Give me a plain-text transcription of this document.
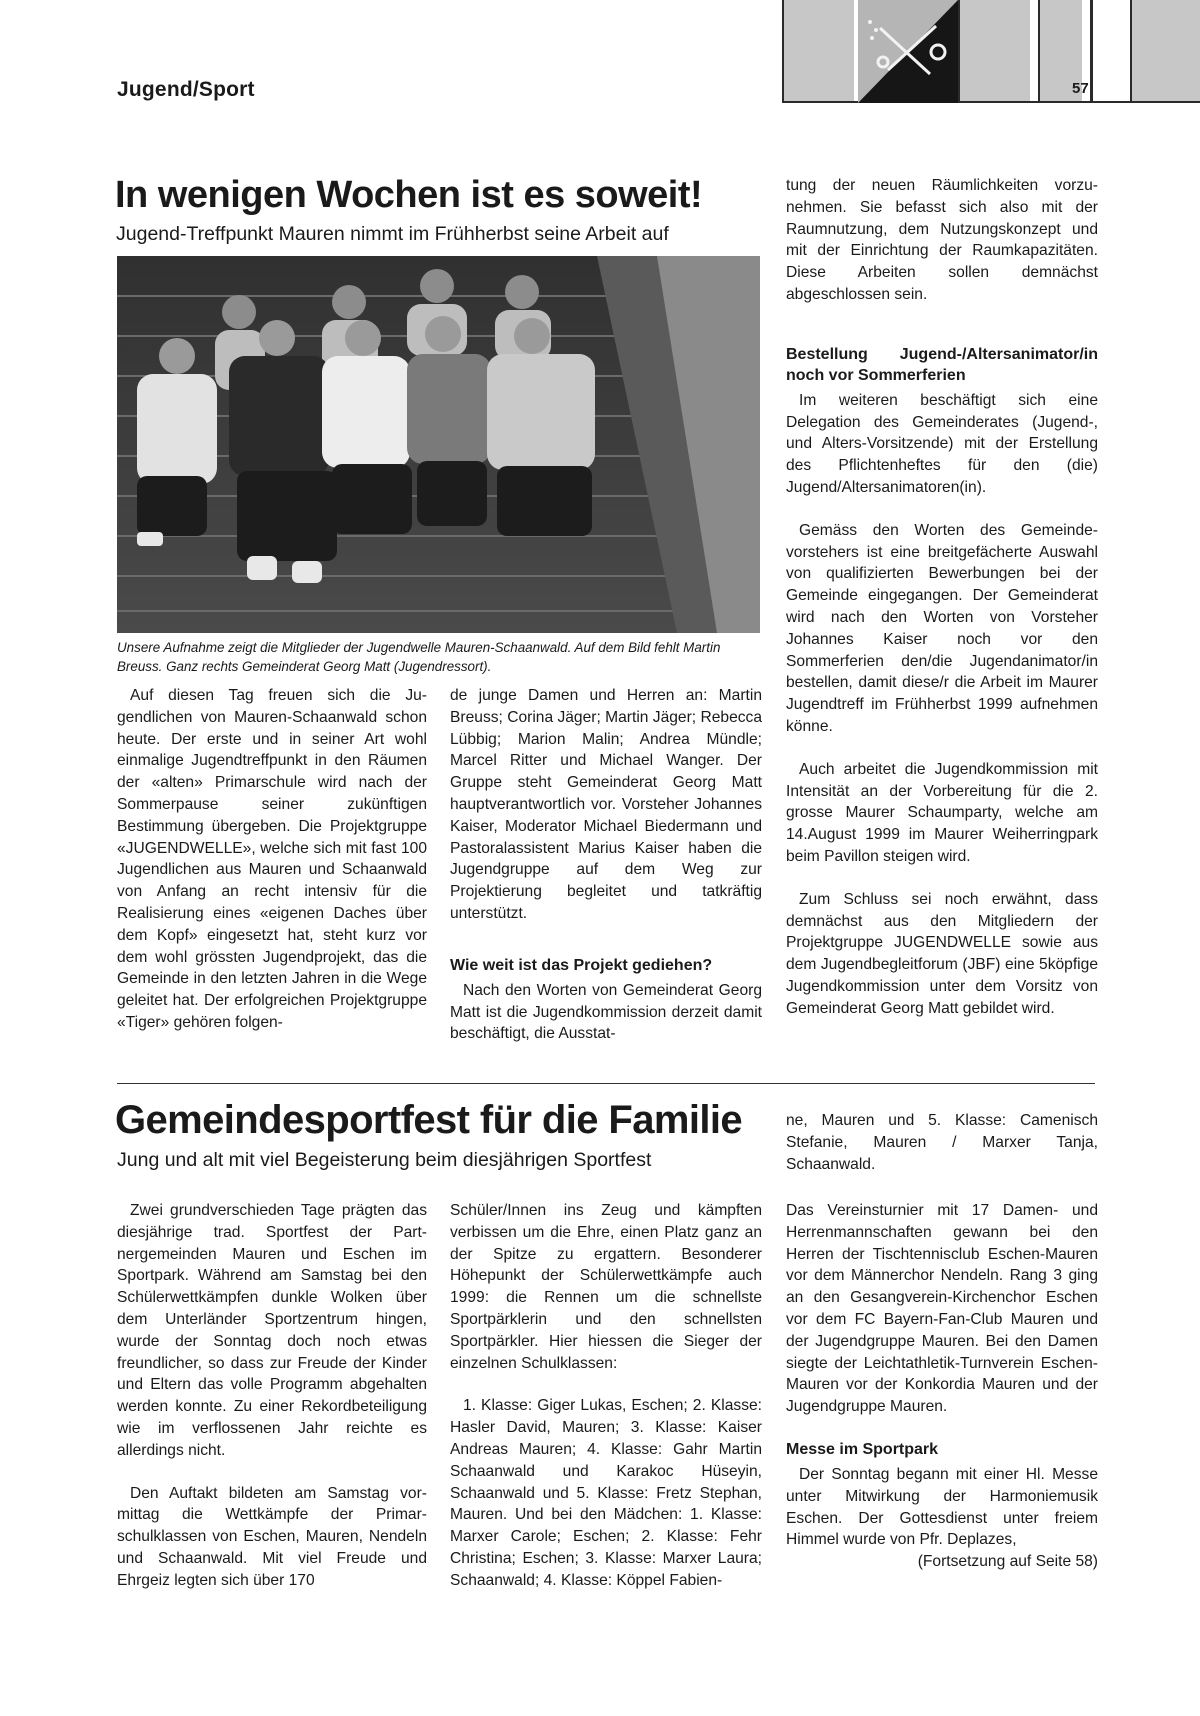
Jugend/Sport	57
In wenigen Wochen ist es soweit!
Jugend-Treffpunkt Mauren nimmt im Frühherbst seine Arbeit auf
Unsere Aufnahme zeigt die Mitglieder der Jugendwelle Mauren-Schaanwald. Auf dem Bild fehlt Martin Breuss. Ganz rechts Gemeinderat Georg Matt (Jugendressort).

Auf diesen Tag freuen sich die Jugendlichen von Mauren-Schaanwald schon heute. Der erste und in seiner Art wohl einmalige Jugendtreffpunkt in den Räumen der «alten» Primarschule wird nach der Sommerpause seiner zukünftigen Bestimmung übergeben. Die Projektgruppe «JUGENDWELLE», welche sich mit fast 100 Jugendlichen aus Mauren und Schaanwald von Anfang an recht intensiv für die Realisierung eines «eigenen Daches über dem Kopf» eingesetzt hat, steht kurz vor dem wohl grössten Jugendprojekt, das die Gemeinde in den letzten Jahren in die Wege geleitet hat. Der erfolgreichen Projektgruppe «Tiger» gehören folgen-

de junge Damen und Herren an: Martin Breuss; Corina Jäger; Martin Jäger; Rebecca Lübbig; Marion Malin; Andrea Mündle; Marcel Ritter und Michael Wanger. Der Gruppe steht Gemeinderat Georg Matt hauptverantwortlich vor. Vorsteher Johannes Kaiser, Moderator Michael Biedermann und Pastoralassistent Marius Kaiser haben die Jugendgruppe auf dem Weg zur Projektierung begleitet und tatkräftig unterstützt.

Wie weit ist das Projekt gediehen?

Nach den Worten von Gemeinderat Georg Matt ist die Jugendkommission derzeit damit beschäftigt, die Ausstat-

tung der neuen Räumlichkeiten vorzunehmen. Sie befasst sich also mit der Raumnutzung, dem Nutzungskonzept und mit der Einrichtung der Raumkapazitäten. Diese Arbeiten sollen demnächst abgeschlossen sein.

Bestellung Jugend-/Altersanimator/in noch vor Sommerferien

Im weiteren beschäftigt sich eine Delegation des Gemeinderates (Jugend-, und Alters-Vorsitzende) mit der Erstellung des Pflichtenheftes für den (die) Jugend/Altersanimatoren(in).

Gemäss den Worten des Gemeindevorstehers ist eine breitgefächerte Auswahl von qualifizierten Bewerbungen bei der Gemeinde eingegangen. Der Gemeinderat wird nach den Worten von Vorsteher Johannes Kaiser noch vor den Sommerferien den/die Jugendanimator/in bestellen, damit diese/r die Arbeit im Maurer Jugendtreff im Frühherbst 1999 aufnehmen könne.

Auch arbeitet die Jugendkommission mit Intensität an der Vorbereitung für die 2. grosse Maurer Schaumparty, welche am 14.August 1999 im Maurer Weiherringpark beim Pavillon steigen wird.

Zum Schluss sei noch erwähnt, dass demnächst aus den Mitgliedern der Projektgruppe JUGENDWELLE sowie aus dem Jugendbegleitforum (JBF) eine 5köpfige Jugendkommission unter dem Vorsitz von Gemeinderat Georg Matt gebildet wird.

Gemeindesportfest für die Familie
Jung und alt mit viel Begeisterung beim diesjährigen Sportfest

ne, Mauren und 5. Klasse: Camenisch Stefanie, Mauren / Marxer Tanja, Schaanwald.

Zwei grundverschieden Tage prägten das diesjährige trad. Sportfest der Partnergemeinden Mauren und Eschen im Sportpark. Während am Samstag bei den Schülerwettkämpfen dunkle Wolken über dem Unterländer Sportzentrum hingen, wurde der Sonntag doch noch etwas freundlicher, so dass zur Freude der Kinder und Eltern das volle Programm abgehalten werden konnte. Zu einer Rekordbeteiligung wie im verflossenen Jahr reichte es allerdings nicht.

Den Auftakt bildeten am Samstag vormittag die Wettkämpfe der Primarschulklassen von Eschen, Mauren, Nendeln und Schaanwald. Mit viel Freude und Ehrgeiz legten sich über 170

Schüler/Innen ins Zeug und kämpften verbissen um die Ehre, einen Platz ganz an der Spitze zu ergattern. Besonderer Höhepunkt der Schülerwettkämpfe auch 1999: die Rennen um die schnellste Sportpärklerin und den schnellsten Sportpärkler. Hier hiessen die Sieger der einzelnen Schulklassen:

1. Klasse: Giger Lukas, Eschen; 2. Klasse: Hasler David, Mauren; 3. Klasse: Kaiser Andreas Mauren; 4. Klasse: Gahr Martin Schaanwald und Karakoc Hüseyin, Schaanwald und 5. Klasse: Fretz Stephan, Mauren. Und bei den Mädchen: 1. Klasse: Marxer Carole; Eschen; 2. Klasse: Fehr Christina; Eschen; 3. Klasse: Marxer Laura; Schaanwald; 4. Klasse: Köppel Fabien-

Das Vereinsturnier mit 17 Damen- und Herrenmannschaften gewann bei den Herren der Tischtennisclub Eschen-Mauren vor dem Männerchor Nendeln. Rang 3 ging an den Gesangverein-Kirchenchor Eschen vor dem FC Bayern-Fan-Club Mauren und der Jugendgruppe Mauren. Bei den Damen siegte der Leichtathletik-Turnverein Eschen-Mauren vor der Konkordia Mauren und der Jugendgruppe Mauren.

Messe im Sportpark

Der Sonntag begann mit einer Hl. Messe unter Mitwirkung der Harmoniemusik Eschen. Der Gottesdienst unter freiem Himmel wurde von Pfr. Deplazes,

(Fortsetzung auf Seite 58)
